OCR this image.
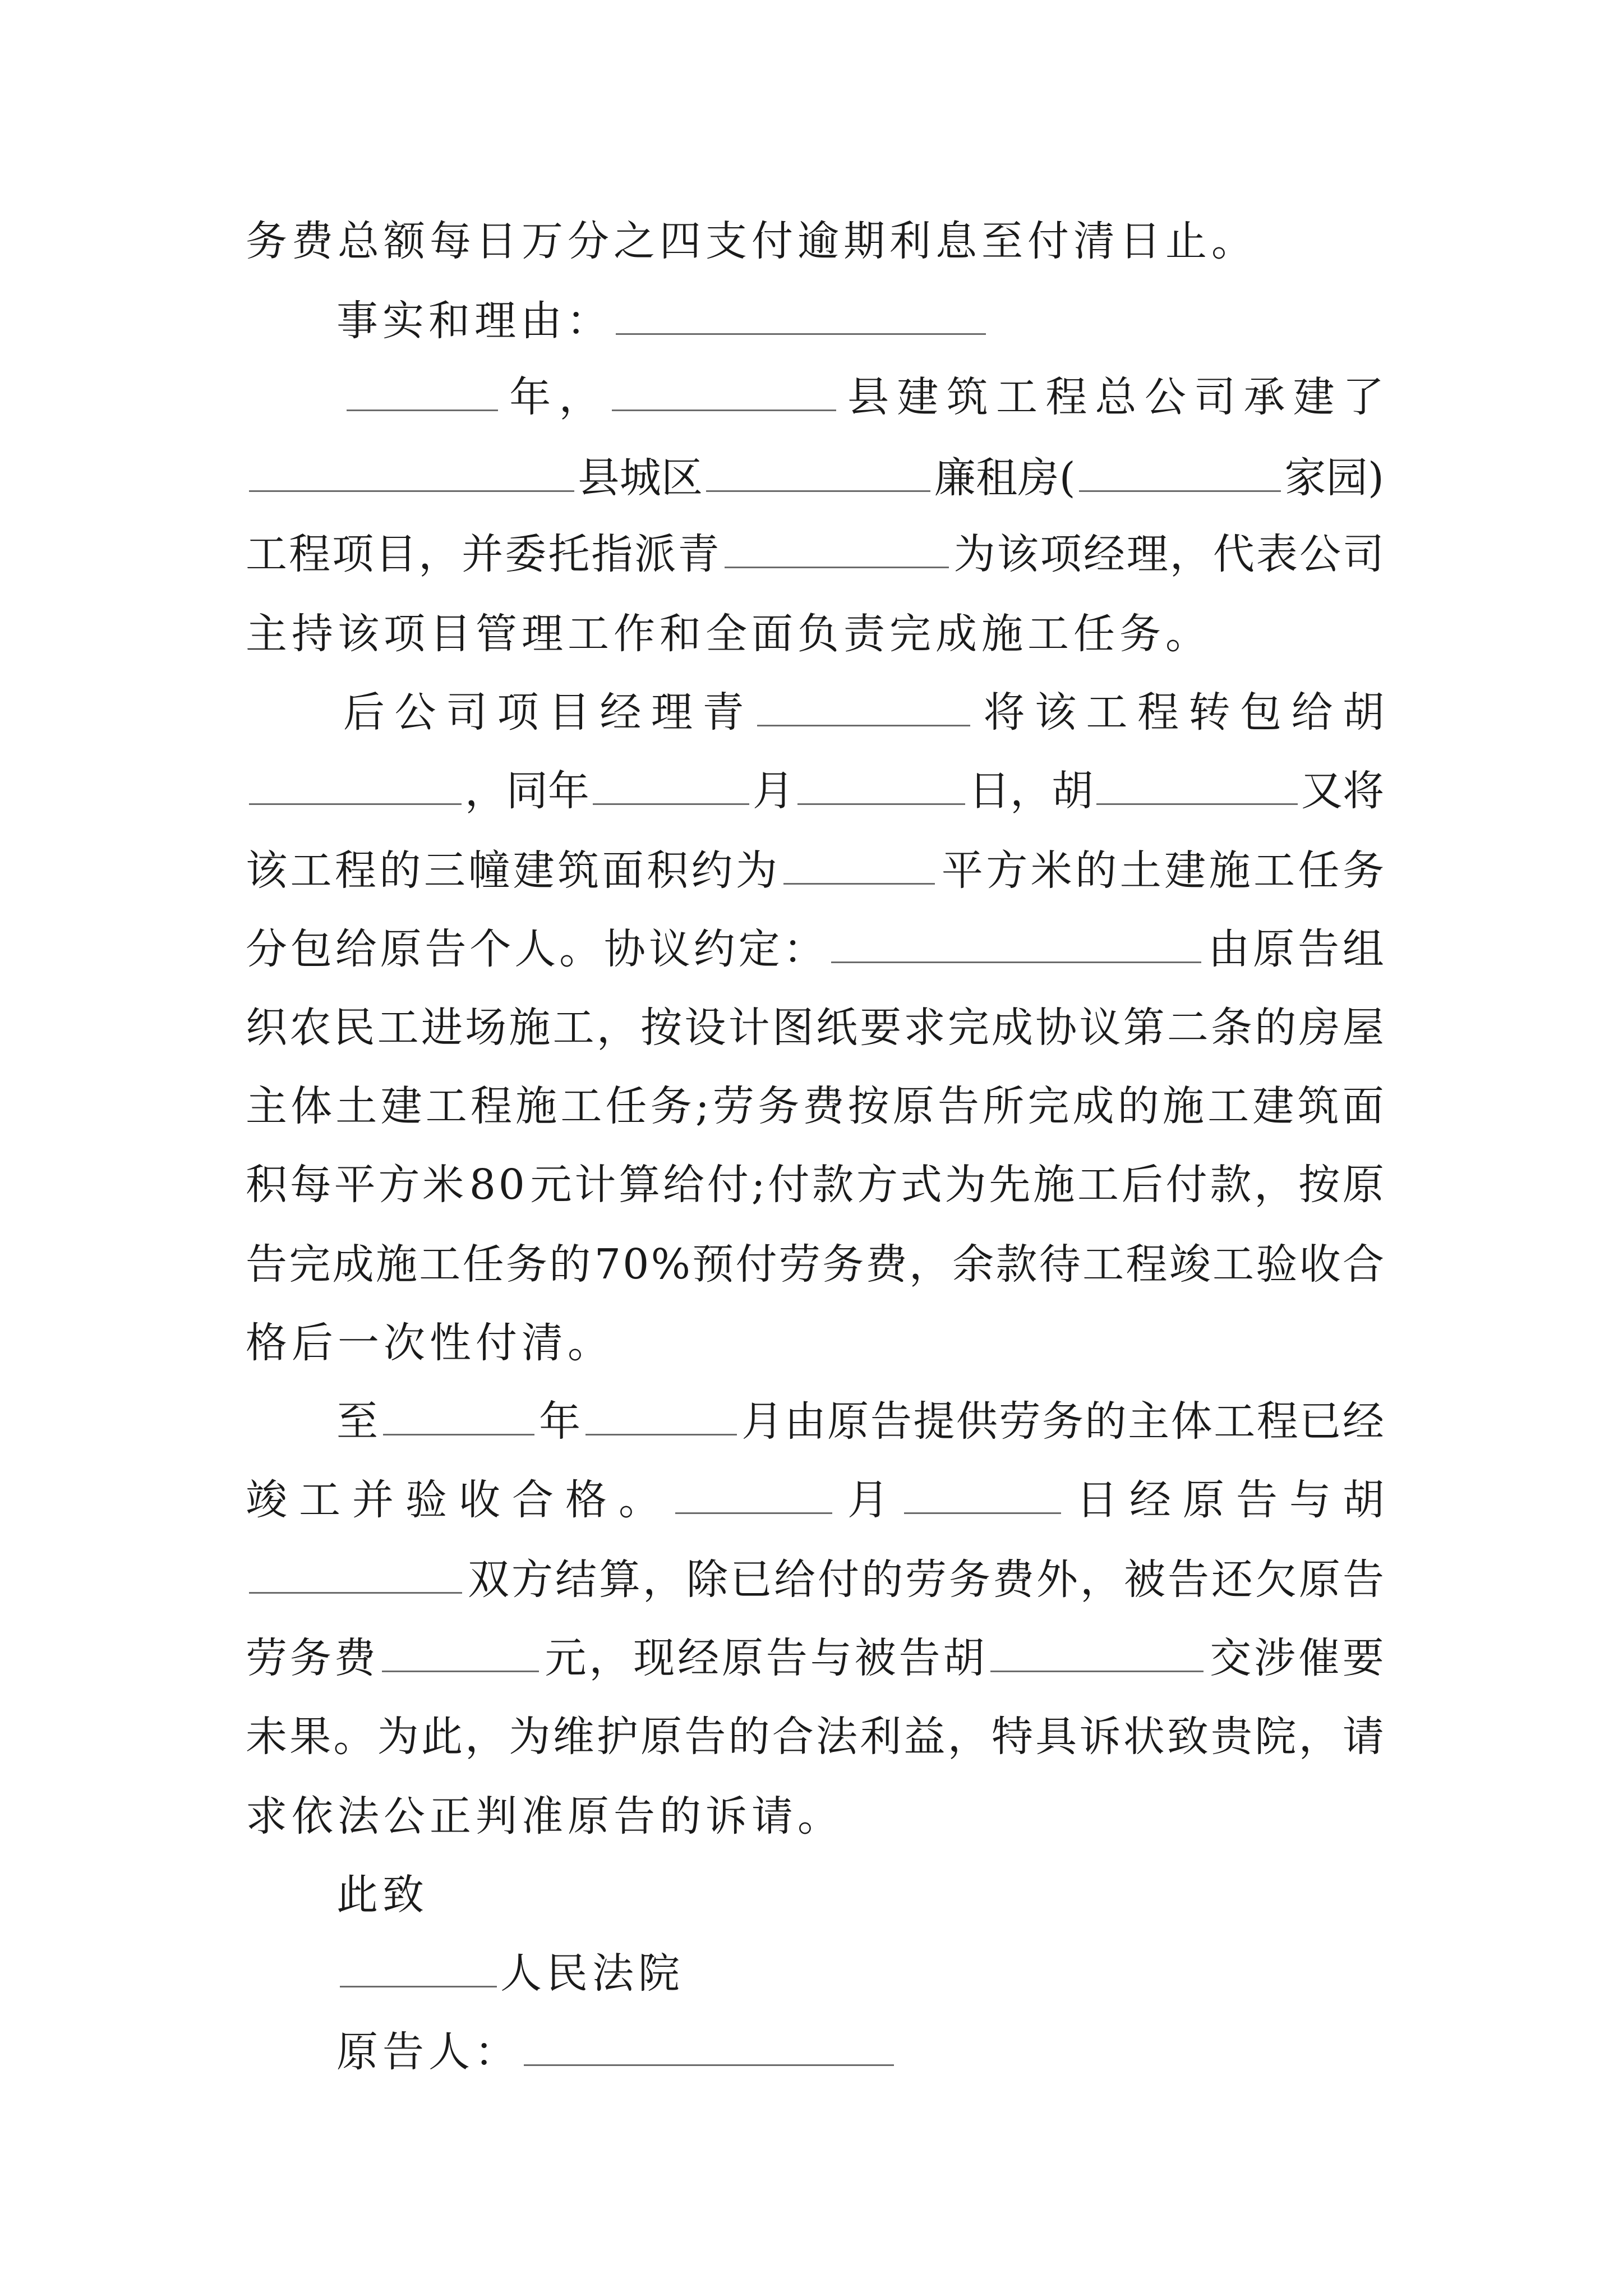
务费总额每日万分之四支付逾期利息至付清日止。
事实和理由：
年 ，	县 建 筑 工 程 总 公 司 承 建 了
县 城 区	廉 租 房 (	家 园 )
工 程 项 目 ， 并 委 托 指 派 青	为 该 项 经 理 ， 代 表 公 司
主持该项目管理工作和全面负责完成施工任务。
后 公 司 项 目 经 理 青	将 该 工 程 转 包 给 胡
， 同 年	月	日 ， 胡	又 将
该 工 程 的 三 幢 建 筑 面 积 约 为	平 方 米 的 土 建 施 工 任 务
分 包 给 原 告 个 人 。 协 议 约 定 ：	由 原 告 组
织 农 民 工 进 场 施 工 ， 按 设 计 图 纸 要 求 完 成 协 议 第 二 条 的 房 屋
主 体 土 建 工 程 施 工 任 务 ; 劳 务 费 按 原 告 所 完 成 的 施 工 建 筑 面
积 每 平 方 米 8 0 元 计 算 给 付 ; 付 款 方 式 为 先 施 工 后 付 款 ， 按 原
告 完 成 施 工 任 务 的 7 0 % 预 付 劳 务 费 ， 余 款 待 工 程 竣 工 验 收 合
格后一次性付清。
至	年	月 由 原 告 提 供 劳 务 的 主 体 工 程 已 经
竣 工 并 验 收 合 格 。	月	日 经 原 告 与 胡
双 方 结 算 ， 除 已 给 付 的 劳 务 费 外 ， 被 告 还 欠 原 告
劳 务 费	元 ， 现 经 原 告 与 被 告 胡	交 涉 催 要
未 果 。 为 此 ， 为 维 护 原 告 的 合 法 利 益 ， 特 具 诉 状 致 贵 院 ， 请
求依法公正判准原告的诉请。
此致
人民法院
原告人：
